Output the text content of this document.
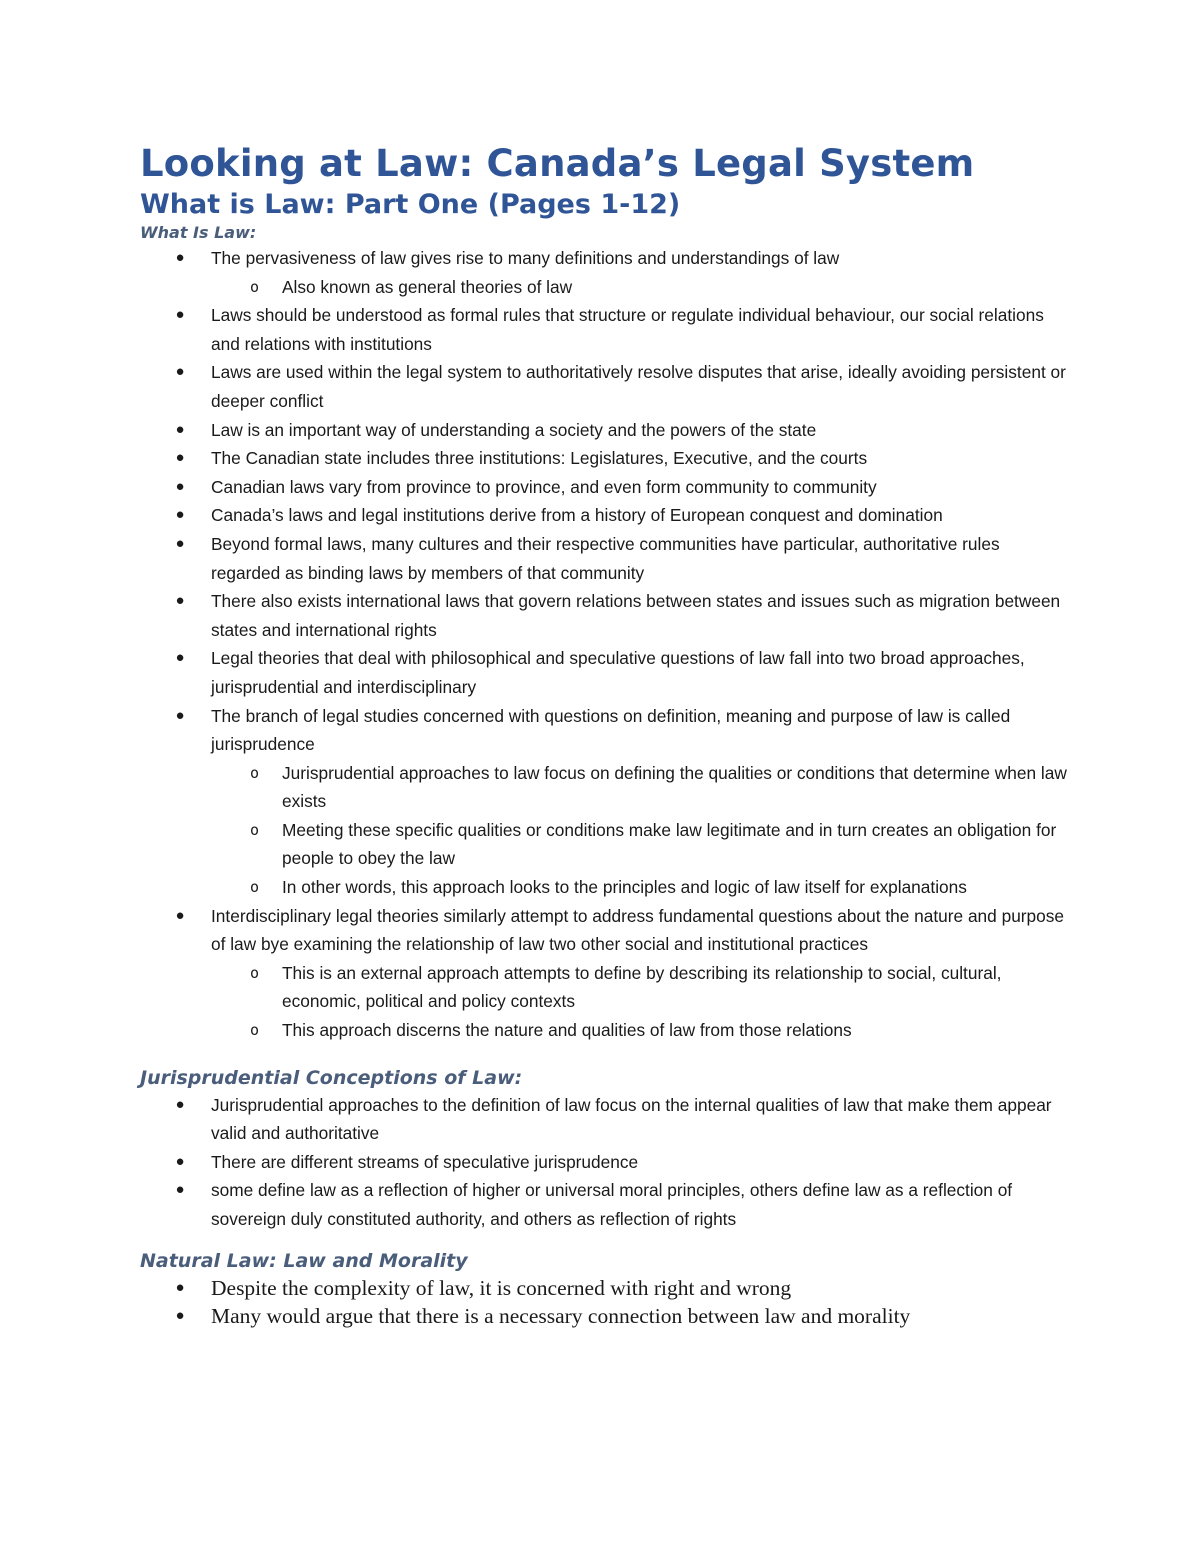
Looking at Law: Canada’s Legal System
What is Law: Part One (Pages 1-12)
What Is Law:
● The pervasiveness of law gives rise to many definitions and understandings of law
o Also known as general theories of law
● Laws should be understood as formal rules that structure or regulate individual behaviour, our social relations and relations with institutions
● Laws are used within the legal system to authoritatively resolve disputes that arise, ideally avoiding persistent or deeper conflict
● Law is an important way of understanding a society and the powers of the state
● The Canadian state includes three institutions: Legislatures, Executive, and the courts
● Canadian laws vary from province to province, and even form community to community
● Canada’s laws and legal institutions derive from a history of European conquest and domination
● Beyond formal laws, many cultures and their respective communities have particular, authoritative rules regarded as binding laws by members of that community
● There also exists international laws that govern relations between states and issues such as migration between states and international rights
● Legal theories that deal with philosophical and speculative questions of law fall into two broad approaches, jurisprudential and interdisciplinary
● The branch of legal studies concerned with questions on definition, meaning and purpose of law is called jurisprudence
o Jurisprudential approaches to law focus on defining the qualities or conditions that determine when law exists
o Meeting these specific qualities or conditions make law legitimate and in turn creates an obligation for people to obey the law
o In other words, this approach looks to the principles and logic of law itself for explanations
● Interdisciplinary legal theories similarly attempt to address fundamental questions about the nature and purpose of law bye examining the relationship of law two other social and institutional practices
o This is an external approach attempts to define by describing its relationship to social, cultural, economic, political and policy contexts
o This approach discerns the nature and qualities of law from those relations
Jurisprudential Conceptions of Law:
● Jurisprudential approaches to the definition of law focus on the internal qualities of law that make them appear valid and authoritative
● There are different streams of speculative jurisprudence
● some define law as a reflection of higher or universal moral principles, others define law as a reflection of sovereign duly constituted authority, and others as reflection of rights
Natural Law: Law and Morality
● Despite the complexity of law, it is concerned with right and wrong
● Many would argue that there is a necessary connection between law and morality
